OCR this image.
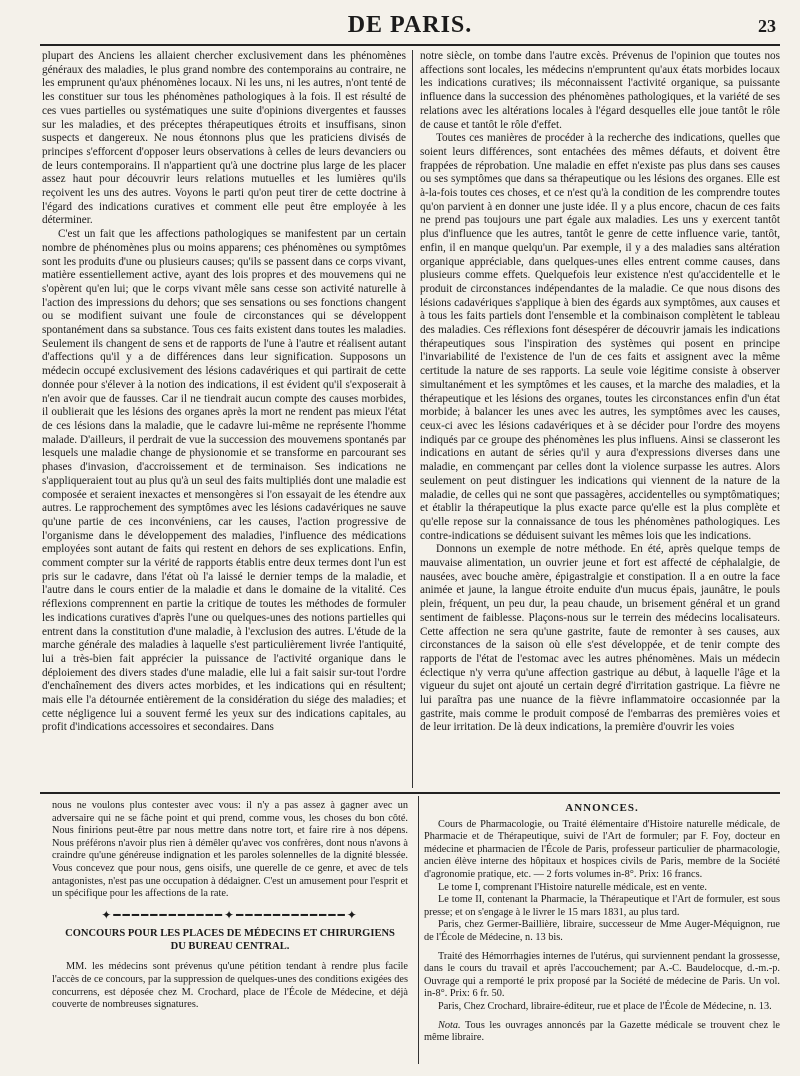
DE PARIS.	23

plupart des Anciens les allaient chercher exclusivement dans les phénomènes généraux des maladies, le plus grand nombre des contemporains au contraire, ne les emprunent qu'aux phénomènes locaux. Ni les uns, ni les autres, n'ont tenté de les constituer sur tous les phénomènes pathologiques à la fois. Il est résulté de ces vues partielles ou systématiques une suite d'opinions divergentes et fausses sur les maladies, et des préceptes thérapeutiques étroits et insuffisans, sinon suspects et dangereux. Ne nous étonnons plus que les praticiens divisés de principes s'efforcent d'opposer leurs observations à celles de leurs devanciers ou de leurs contemporains. Il n'appartient qu'à une doctrine plus large de les placer assez haut pour découvrir leurs relations mutuelles et les lumières qu'ils reçoivent les uns des autres. Voyons le parti qu'on peut tirer de cette doctrine à l'égard des indications curatives et comment elle peut être employée à les déterminer.

C'est un fait que les affections pathologiques se manifestent par un certain nombre de phénomènes plus ou moins apparens; ces phénomènes ou symptômes sont les produits d'une ou plusieurs causes; qu'ils se passent dans ce corps vivant, matière essentiellement active, ayant des lois propres et des mouvemens qui ne s'opèrent qu'en lui; que le corps vivant mêle sans cesse son activité naturelle à l'action des impressions du dehors; que ses sensations ou ses fonctions changent ou se modifient suivant une foule de circonstances qui se développent spontanément dans sa substance. Tous ces faits existent dans toutes les maladies. Seulement ils changent de sens et de rapports de l'une à l'autre et réalisent autant d'affections qu'il y a de différences dans leur signification. Supposons un médecin occupé exclusivement des lésions cadavériques et qui partirait de cette donnée pour s'élever à la notion des indications, il est évident qu'il s'exposerait à n'en avoir que de fausses. Car il ne tiendrait aucun compte des causes morbides, il oublierait que les lésions des organes après la mort ne rendent pas mieux l'état de ces lésions dans la maladie, que le cadavre lui-même ne représente l'homme malade. D'ailleurs, il perdrait de vue la succession des mouvemens spontanés par lesquels une maladie change de physionomie et se transforme en parcourant ses phases d'invasion, d'accroissement et de terminaison. Ses indications ne s'appliqueraient tout au plus qu'à un seul des faits multipliés dont une maladie est composée et seraient inexactes et mensongères si l'on essayait de les étendre aux autres. Le rapprochement des symptômes avec les lésions cadavériques ne sauve qu'une partie de ces inconvéniens, car les causes, l'action progressive de l'organisme dans le développement des maladies, l'influence des médications employées sont autant de faits qui restent en dehors de ses explications. Enfin, comment compter sur la vérité de rapports établis entre deux termes dont l'un est pris sur le cadavre, dans l'état où l'a laissé le dernier temps de la maladie, et l'autre dans le cours entier de la maladie et dans le domaine de la vitalité. Ces réflexions comprennent en partie la critique de toutes les méthodes de formuler les indications curatives d'après l'une ou quelques-unes des notions partielles qui entrent dans la constitution d'une maladie, à l'exclusion des autres. L'étude de la marche générale des maladies à laquelle s'est particulièrement livrée l'antiquité, lui a très-bien fait apprécier la puissance de l'activité organique dans le déploiement des divers stades d'une maladie, elle lui a fait saisir sur-tout l'ordre d'enchaînement des divers actes morbides, et les indications qui en résultent; mais elle l'a détournée entièrement de la considération du siége des maladies; et cette négligence lui a souvent fermé les yeux sur des indications capitales, au profit d'indications accessoires et secondaires. Dans

notre siècle, on tombe dans l'autre excès. Prévenus de l'opinion que toutes nos affections sont locales, les médecins n'empruntent qu'aux états morbides locaux les indications curatives; ils méconnaissent l'activité organique, sa puissante influence dans la succession des phénomènes pathologiques, et la variété de ses relations avec les altérations locales à l'égard desquelles elle joue tantôt le rôle de cause et tantôt le rôle d'effet.

Toutes ces manières de procéder à la recherche des indications, quelles que soient leurs différences, sont entachées des mêmes défauts, et doivent être frappées de réprobation. Une maladie en effet n'existe pas plus dans ses causes ou ses symptômes que dans sa thérapeutique ou les lésions des organes. Elle est à-la-fois toutes ces choses, et ce n'est qu'à la condition de les comprendre toutes qu'on parvient à en donner une juste idée. Il y a plus encore, chacun de ces faits ne prend pas toujours une part égale aux maladies. Les uns y exercent tantôt plus d'influence que les autres, tantôt le genre de cette influence varie, tantôt, enfin, il en manque quelqu'un. Par exemple, il y a des maladies sans altération organique appréciable, dans quelques-unes elles entrent comme causes, dans plusieurs comme effets. Quelquefois leur existence n'est qu'accidentelle et le produit de circonstances indépendantes de la maladie. Ce que nous disons des lésions cadavériques s'applique à bien des égards aux symptômes, aux causes et à tous les faits partiels dont l'ensemble et la combinaison complètent le tableau des maladies. Ces réflexions font désespérer de découvrir jamais les indications thérapeutiques sous l'inspiration des systèmes qui posent en principe l'invariabilité de l'existence de l'un de ces faits et assignent avec la même certitude la nature de ses rapports. La seule voie légitime consiste à observer simultanément et les symptômes et les causes, et la marche des maladies, et la thérapeutique et les lésions des organes, toutes les circonstances enfin d'un état morbide; à balancer les unes avec les autres, les symptômes avec les causes, ceux-ci avec les lésions cadavériques et à se décider pour l'ordre des moyens indiqués par ce groupe des phénomènes les plus influens. Ainsi se classeront les indications en autant de séries qu'il y aura d'expressions diverses dans une maladie, en commençant par celles dont la violence surpasse les autres. Alors seulement on peut distinguer les indications qui viennent de la nature de la maladie, de celles qui ne sont que passagères, accidentelles ou symptômatiques; et établir la thérapeutique la plus exacte parce qu'elle est la plus complète et qu'elle repose sur la connaissance de tous les phénomènes pathologiques. Les contre-indications se déduisent suivant les mêmes lois que les indications.

Donnons un exemple de notre méthode. En été, après quelque temps de mauvaise alimentation, un ouvrier jeune et fort est affecté de céphalalgie, de nausées, avec bouche amère, épigastralgie et constipation. Il a en outre la face animée et jaune, la langue étroite enduite d'un mucus épais, jaunâtre, le pouls plein, fréquent, un peu dur, la peau chaude, un brisement général et un grand sentiment de faiblesse. Plaçons-nous sur le terrein des médecins localisateurs. Cette affection ne sera qu'une gastrite, faute de remonter à ses causes, aux circonstances de la saison où elle s'est développée, et de tenir compte des rapports de l'état de l'estomac avec les autres phénomènes. Mais un médecin éclectique n'y verra qu'une affection gastrique au début, à laquelle l'âge et la vigueur du sujet ont ajouté un certain degré d'irritation gastrique. La fièvre ne lui paraîtra pas une nuance de la fièvre inflammatoire occasionnée par la gastrite, mais comme le produit composé de l'embarras des premières voies et de leur irritation. De là deux indications, la première d'ouvrir les voies

nous ne voulons plus contester avec vous: il n'y a pas assez à gagner avec un adversaire qui ne se fâche point et qui prend, comme vous, les choses du bon côté. Nous finirions peut-être par nous mettre dans notre tort, et faire rire à nos dépens. Nous préférons n'avoir plus rien à démêler qu'avec vos confrères, dont nous n'avons à craindre qu'une généreuse indignation et les paroles solennelles de la dignité blessée. Vous concevez que pour nous, gens oisifs, une querelle de ce genre, et avec de tels antagonistes, n'est pas une occupation à dédaigner. C'est un amusement pour l'esprit et un spécifique pour les affections de la rate.

✦━━━━━━━━━━━━✦━━━━━━━━━━━━✦
CONCOURS POUR LES PLACES DE MÉDECINS ET CHIRURGIENS
DU BUREAU CENTRAL.

MM. les médecins sont prévenus qu'une pétition tendant à rendre plus facile l'accès de ce concours, par la suppression de quelques-unes des conditions exigées des concurrens, est déposée chez M. Crochard, place de l'École de Médecine, et déjà couverte de nombreuses signatures.

ANNONCES.

Cours de Pharmacologie, ou Traité élémentaire d'Histoire naturelle médicale, de Pharmacie et de Thérapeutique, suivi de l'Art de formuler; par F. Foy, docteur en médecine et pharmacien de l'École de Paris, professeur particulier de pharmacologie, ancien élève interne des hôpitaux et hospices civils de Paris, membre de la Société d'agronomie pratique, etc. — 2 forts volumes in-8°. Prix: 16 francs.

Le tome I, comprenant l'Histoire naturelle médicale, est en vente.

Le tome II, contenant la Pharmacie, la Thérapeutique et l'Art de formuler, est sous presse; et on s'engage à le livrer le 15 mars 1831, au plus tard.

Paris, chez Germer-Baillière, libraire, successeur de Mme Auger-Méquignon, rue de l'École de Médecine, n. 13 bis.

Traité des Hémorrhagies internes de l'utérus, qui surviennent pendant la grossesse, dans le cours du travail et après l'accouchement; par A.-C. Baudelocque, d.-m.-p. Ouvrage qui a remporté le prix proposé par la Société de médecine de Paris. Un vol. in-8°. Prix: 6 fr. 50.

Paris, Chez Crochard, libraire-éditeur, rue et place de l'École de Médecine, n. 13.

Nota. Tous les ouvrages annoncés par la Gazette médicale se trouvent chez le même libraire.
